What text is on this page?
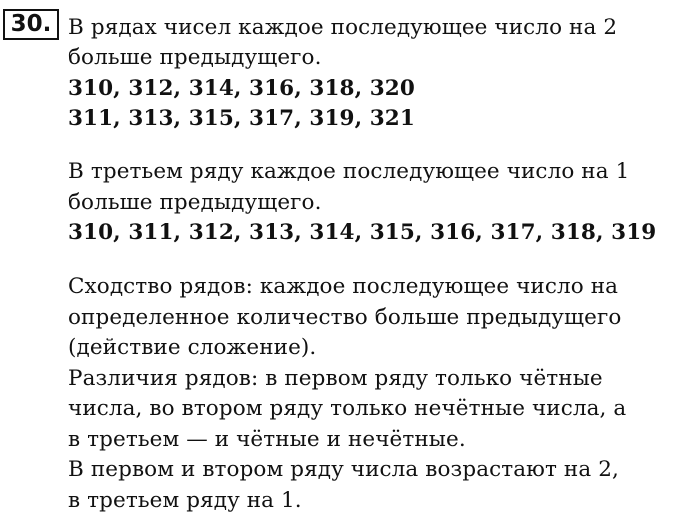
30. В рядах чисел каждое последующее число на 2
больше предыдущего.
310, 312, 314, 316, 318, 320
311, 313, 315, 317, 319, 321
В третьем ряду каждое последующее число на 1
больше предыдущего.
310, 311, 312, 313, 314, 315, 316, 317, 318, 319
Сходство рядов: каждое последующее число на
определенное количество больше предыдущего
(действие сложение).
Различия рядов: в первом ряду только чётные
числа, во втором ряду только нечётные числа, а
в третьем — и чётные и нечётные.
В первом и втором ряду числа возрастают на 2,
в третьем ряду на 1.
